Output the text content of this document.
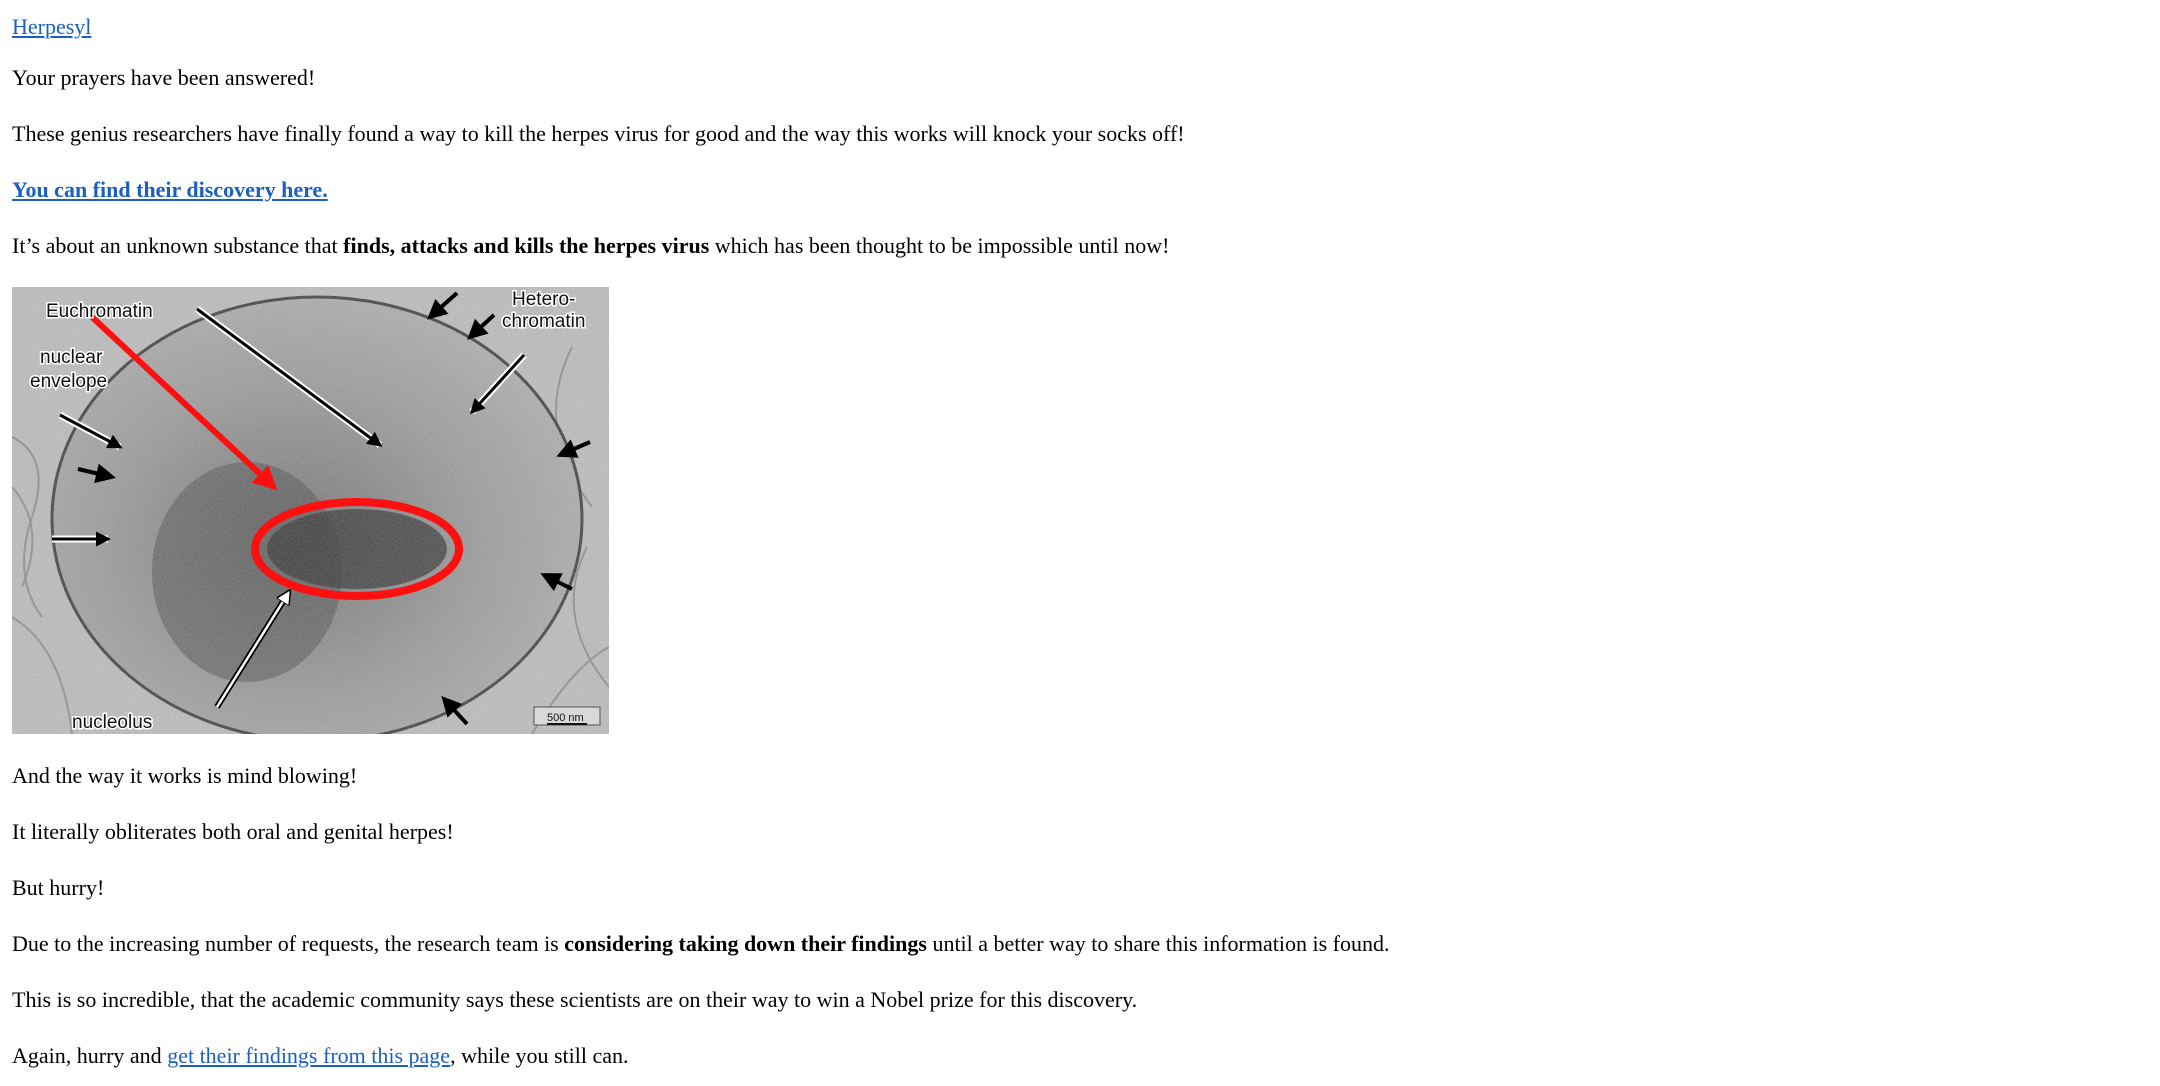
Herpesyl

Your prayers have been answered!

These genius researchers have finally found a way to kill the herpes virus for good and the way this works will knock your socks off!

You can find their discovery here.

It’s about an unknown substance that finds, attacks and kills the herpes virus which has been thought to be impossible until now!

Euchromatin
Hetero-
chromatin
nuclear
envelope
nucleolus	500 nm

And the way it works is mind blowing!

It literally obliterates both oral and genital herpes!

But hurry!

Due to the increasing number of requests, the research team is considering taking down their findings until a better way to share this information is found.

This is so incredible, that the academic community says these scientists are on their way to win a Nobel prize for this discovery.

Again, hurry and get their findings from this page, while you still can.
